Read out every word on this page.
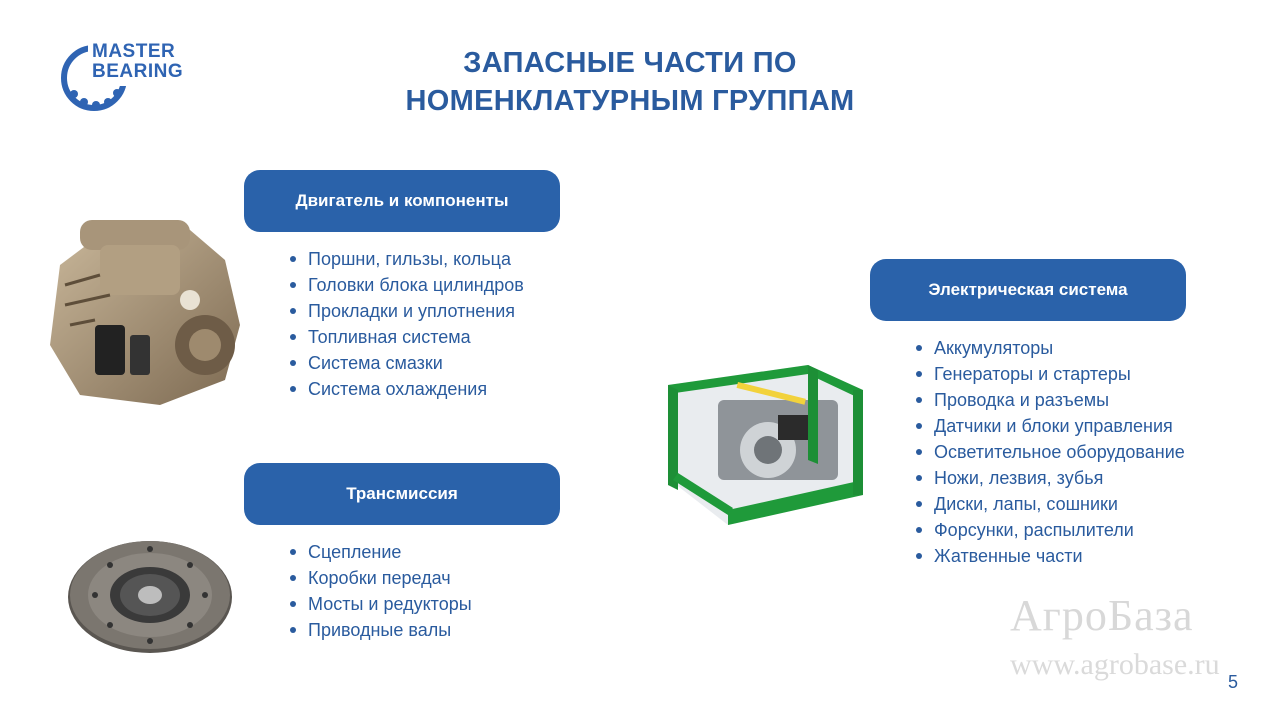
MASTER
BEARING	ЗАПАСНЫЕ ЧАСТИ ПО
НОМЕНКЛАТУРНЫМ ГРУППАМ
Двигатель и компоненты
Поршни, гильзы, кольца
Головки блока цилиндров
Прокладки и уплотнения
Топливная система
Система смазки
Система охлаждения
Трансмиссия
Сцепление
Коробки передач
Мосты и редукторы
Приводные валы
Электрическая система
Аккумуляторы
Генераторы и стартеры
Проводка и разъемы
Датчики и блоки управления
Осветительное оборудование
Ножи, лезвия, зубья
Диски, лапы, сошники
Форсунки, распылители
Жатвенные части
АгроБаза
www.agrobase.ru
5
